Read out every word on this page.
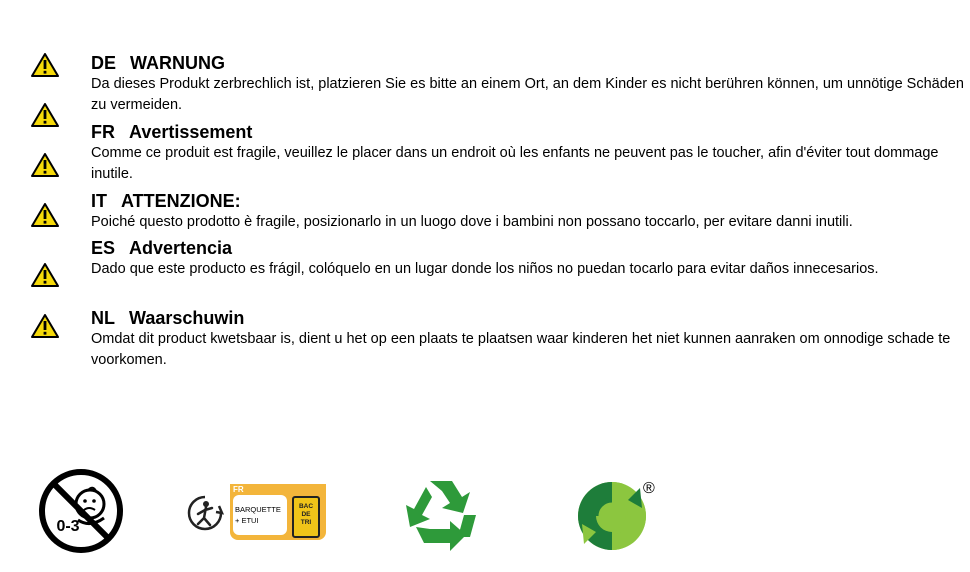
DE WARNUNG
Da dieses Produkt zerbrechlich ist, platzieren Sie es bitte an einem Ort, an dem Kinder es nicht berühren können, um unnötige Schäden zu vermeiden.
FR Avertissement
Comme ce produit est fragile, veuillez le placer dans un endroit où les enfants ne peuvent pas le toucher, afin d'éviter tout dommage inutile.
IT ATTENZIONE:
Poiché questo prodotto è fragile, posizionarlo in un luogo dove i bambini non possano toccarlo, per evitare danni inutili.
ES Advertencia
Dado que este producto es frágil, colóquelo en un lugar donde los niños no puedan tocarlo para evitar daños innecesarios.
NL Waarschuwin
Omdat dit product kwetsbaar is, dient u het op een plaats te plaatsen waar kinderen het niet kunnen aanraken om onnodige schade te voorkomen.
0-3
FR
BARQUETTE
+ ETUI
BAC DE TRI
®
